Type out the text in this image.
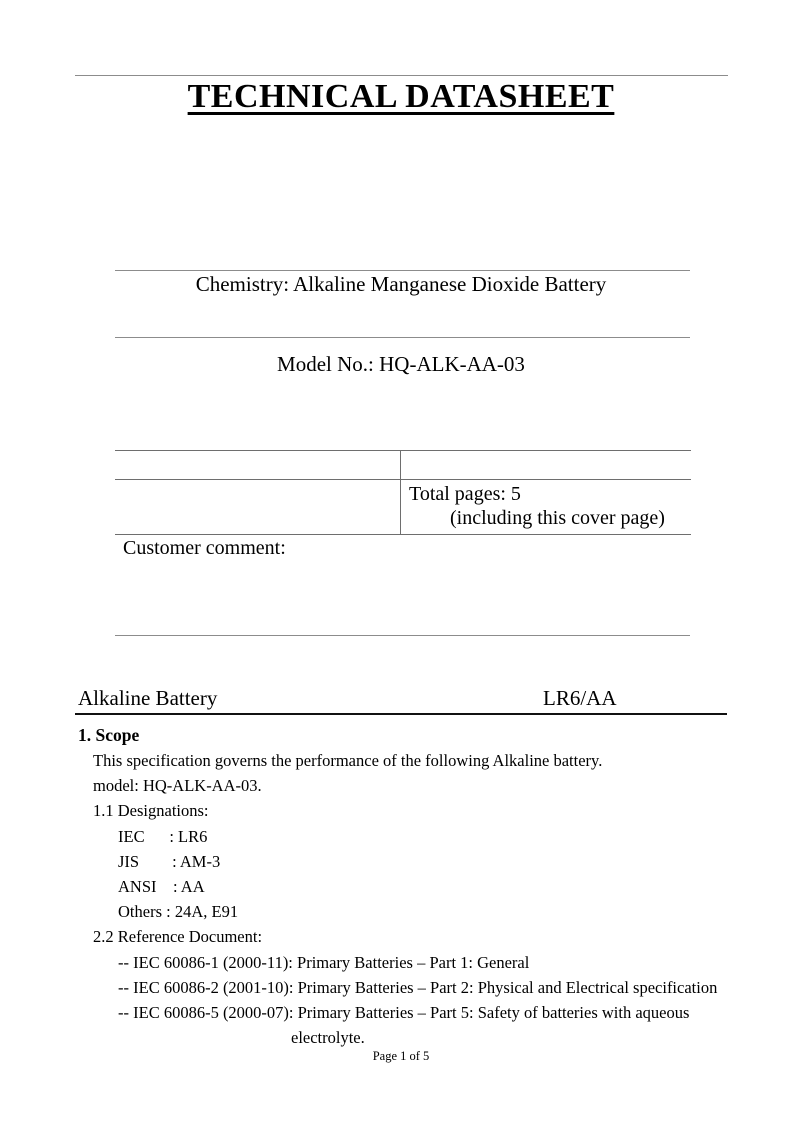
TECHNICAL DATASHEET
Chemistry: Alkaline Manganese Dioxide Battery
Model No.: HQ-ALK-AA-03
Total pages: 5
(including this cover page)
Customer comment:
Alkaline Battery	LR6/AA
1. Scope
This specification governs the performance of the following Alkaline battery.
model: HQ-ALK-AA-03.
1.1 Designations:
IEC      : LR6
JIS        : AM-3
ANSI    : AA
Others : 24A, E91
2.2 Reference Document:
-- IEC 60086-1 (2000-11): Primary Batteries – Part 1: General
-- IEC 60086-2 (2001-10): Primary Batteries – Part 2: Physical and Electrical specification
-- IEC 60086-5 (2000-07): Primary Batteries – Part 5: Safety of batteries with aqueous
electrolyte.
Page 1 of 5
